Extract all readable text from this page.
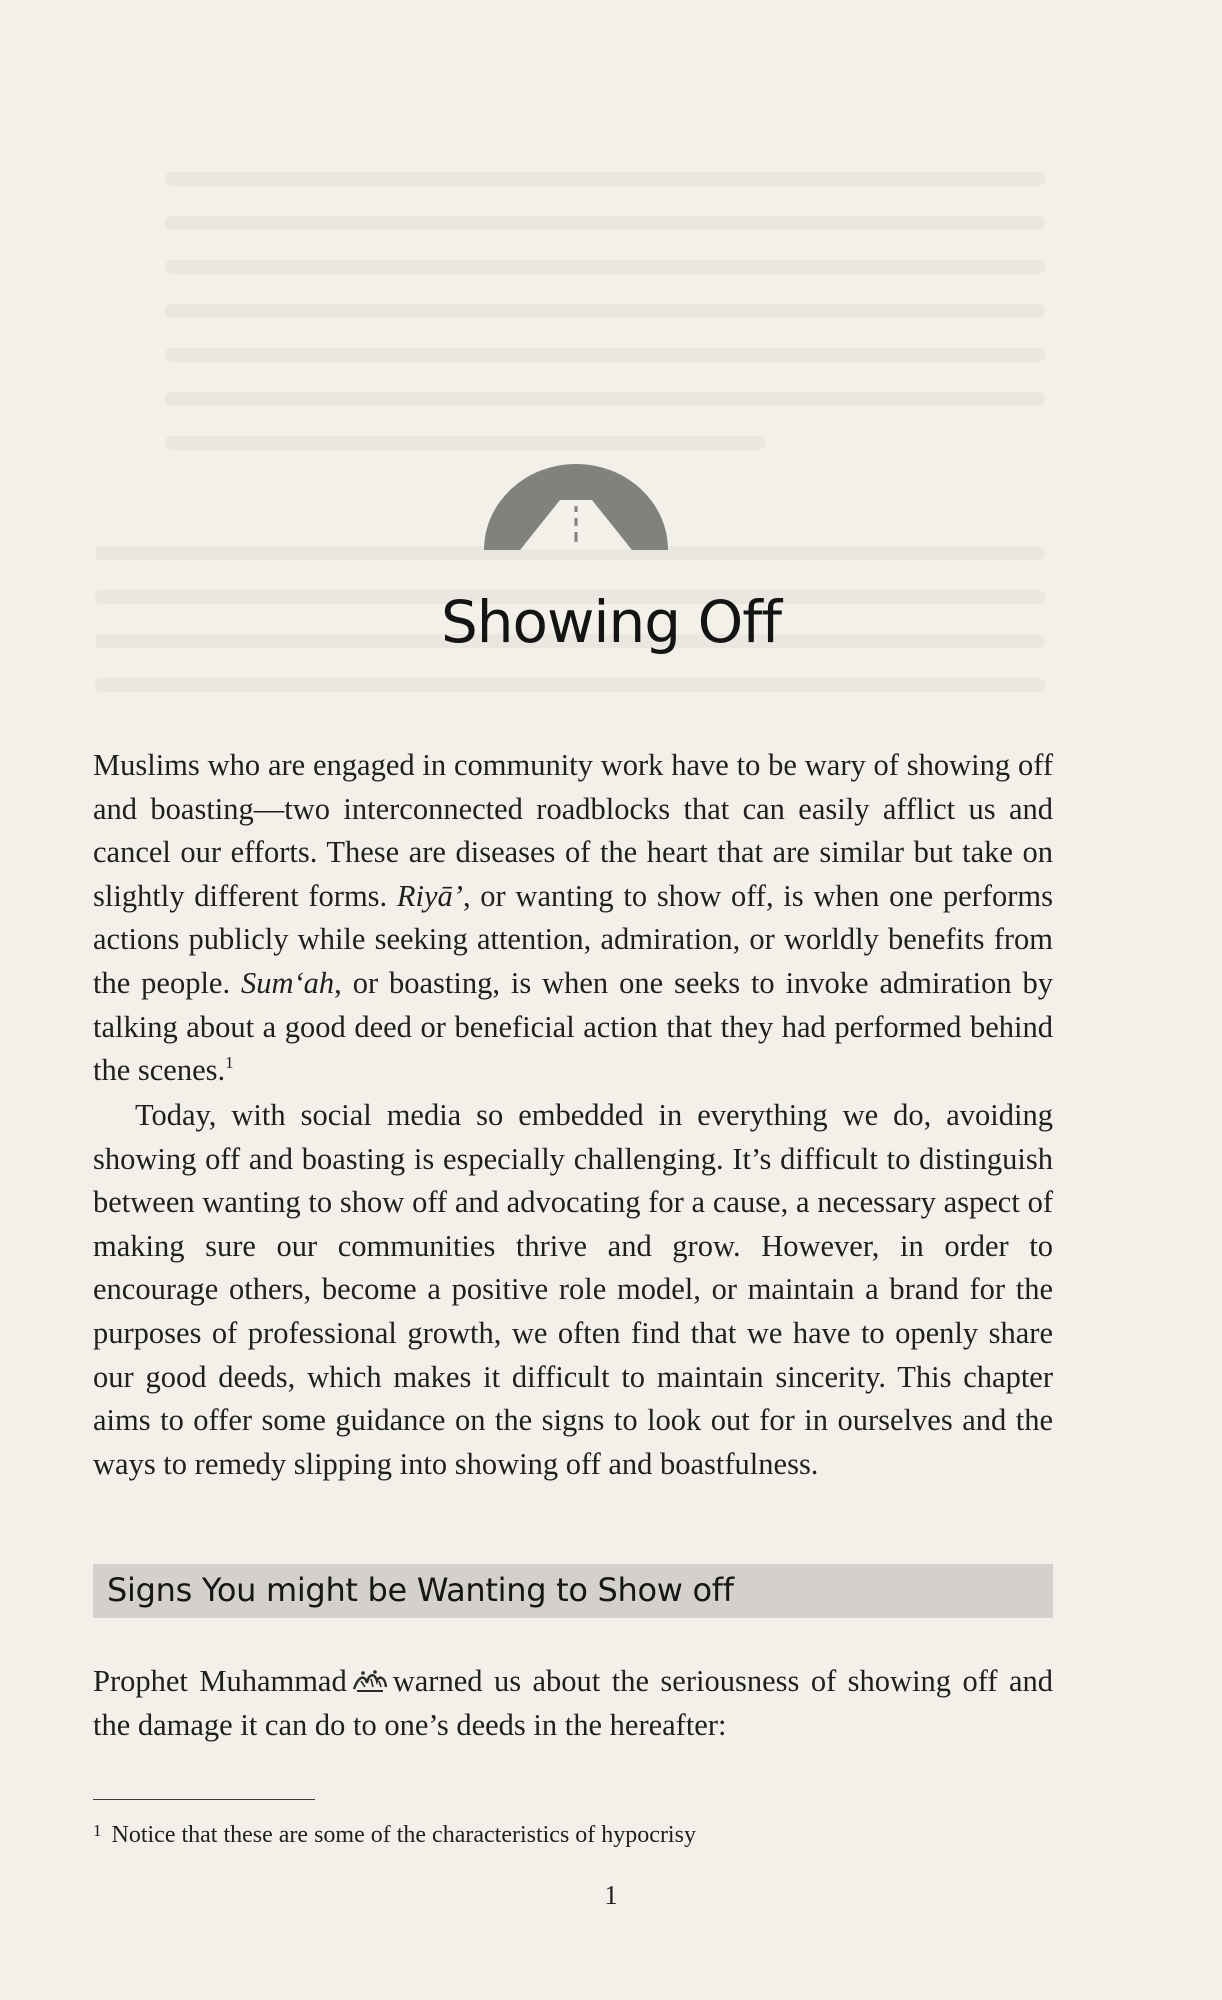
Showing Off

Muslims who are engaged in community work have to be wary of showing off and boasting—two interconnected roadblocks that can easily afflict us and cancel our efforts. These are diseases of the heart that are similar but take on slightly different forms. Riyā’, or wanting to show off, is when one performs actions publicly while seeking attention, admiration, or worldly benefits from the people. Sum‘ah, or boasting, is when one seeks to invoke admiration by talking about a good deed or beneficial action that they had performed behind the scenes.$^1$

Today, with social media so embedded in everything we do, avoiding showing off and boasting is especially challenging. It’s difficult to distinguish between wanting to show off and advocating for a cause, a necessary aspect of making sure our communities thrive and grow. However, in order to encourage others, become a positive role model, or maintain a brand for the purposes of professional growth, we often find that we have to openly share our good deeds, which makes it difficult to maintain sincerity. This chapter aims to offer some guidance on the signs to look out for in ourselves and the ways to remedy slipping into showing off and boastfulness.

Signs You might be Wanting to Show off

Prophet Muhammad warned us about the seriousness of showing off and the damage it can do to one’s deeds in the hereafter:

$^1$ Notice that these are some of the characteristics of hypocrisy

1
